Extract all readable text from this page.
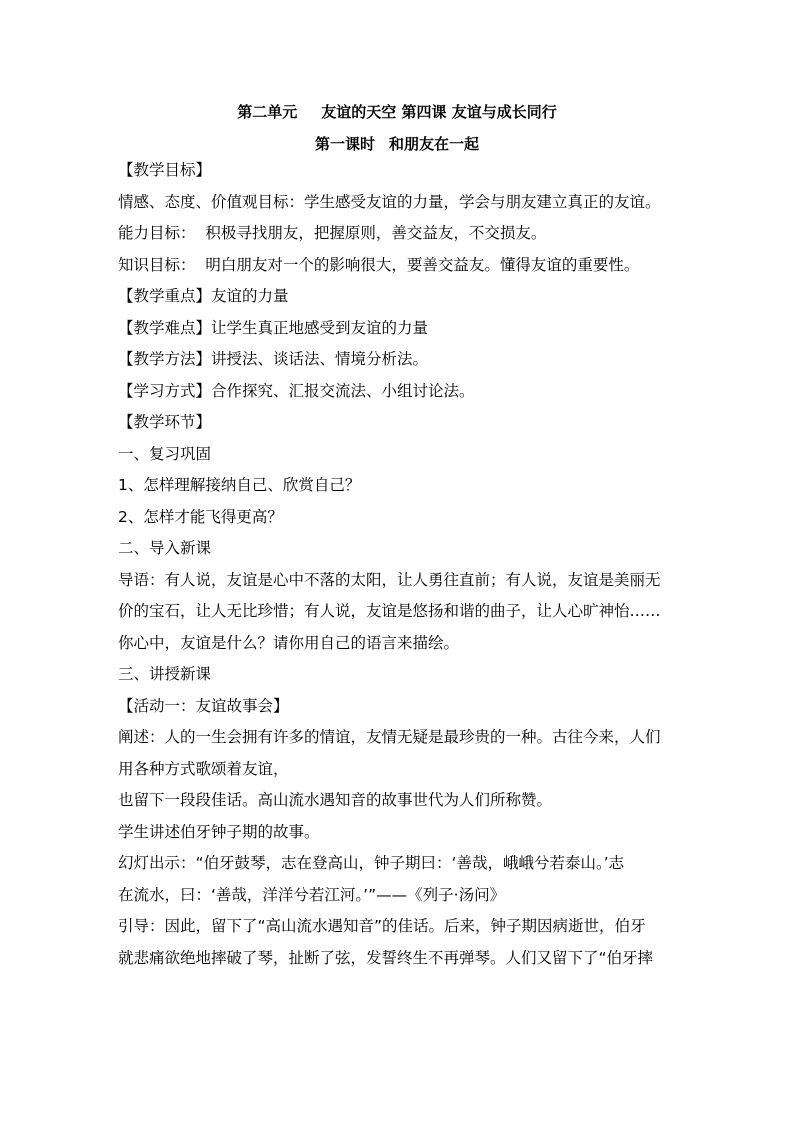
第二单元 友谊的天空 第四课 友谊与成长同行
第一课时 和朋友在一起
【教学目标】
情感、态度、价值观目标：学生感受友谊的力量，学会与朋友建立真正的友谊。
能力目标：  积极寻找朋友，把握原则，善交益友，不交损友。
知识目标：  明白朋友对一个的影响很大，要善交益友。懂得友谊的重要性。
【教学重点】友谊的力量
【教学难点】让学生真正地感受到友谊的力量
【教学方法】讲授法、谈话法、情境分析法。
【学习方式】合作探究、汇报交流法、小组讨论法。
【教学环节】
一、复习巩固
1、怎样理解接纳自己、欣赏自己？
2、怎样才能飞得更高？
二、导入新课
导语：有人说，友谊是心中不落的太阳，让人勇往直前；有人说，友谊是美丽无
价的宝石，让人无比珍惜；有人说，友谊是悠扬和谐的曲子，让人心旷神怡……
你心中，友谊是什么？请你用自己的语言来描绘。
三、讲授新课
【活动一：友谊故事会】
阐述：人的一生会拥有许多的情谊，友情无疑是最珍贵的一种。古往今来，人们
用各种方式歌颂着友谊，
也留下一段段佳话。高山流水遇知音的故事世代为人们所称赞。
学生讲述伯牙钟子期的故事。
幻灯出示：“伯牙鼓琴，志在登高山，钟子期曰：‘善哉，峨峨兮若泰山。’志
在流水，曰：‘善哉，洋洋兮若江河。’”——《列子·汤问》
引导：因此，留下了“高山流水遇知音”的佳话。后来，钟子期因病逝世，伯牙
就悲痛欲绝地摔破了琴，扯断了弦，发誓终生不再弹琴。人们又留下了“伯牙摔
